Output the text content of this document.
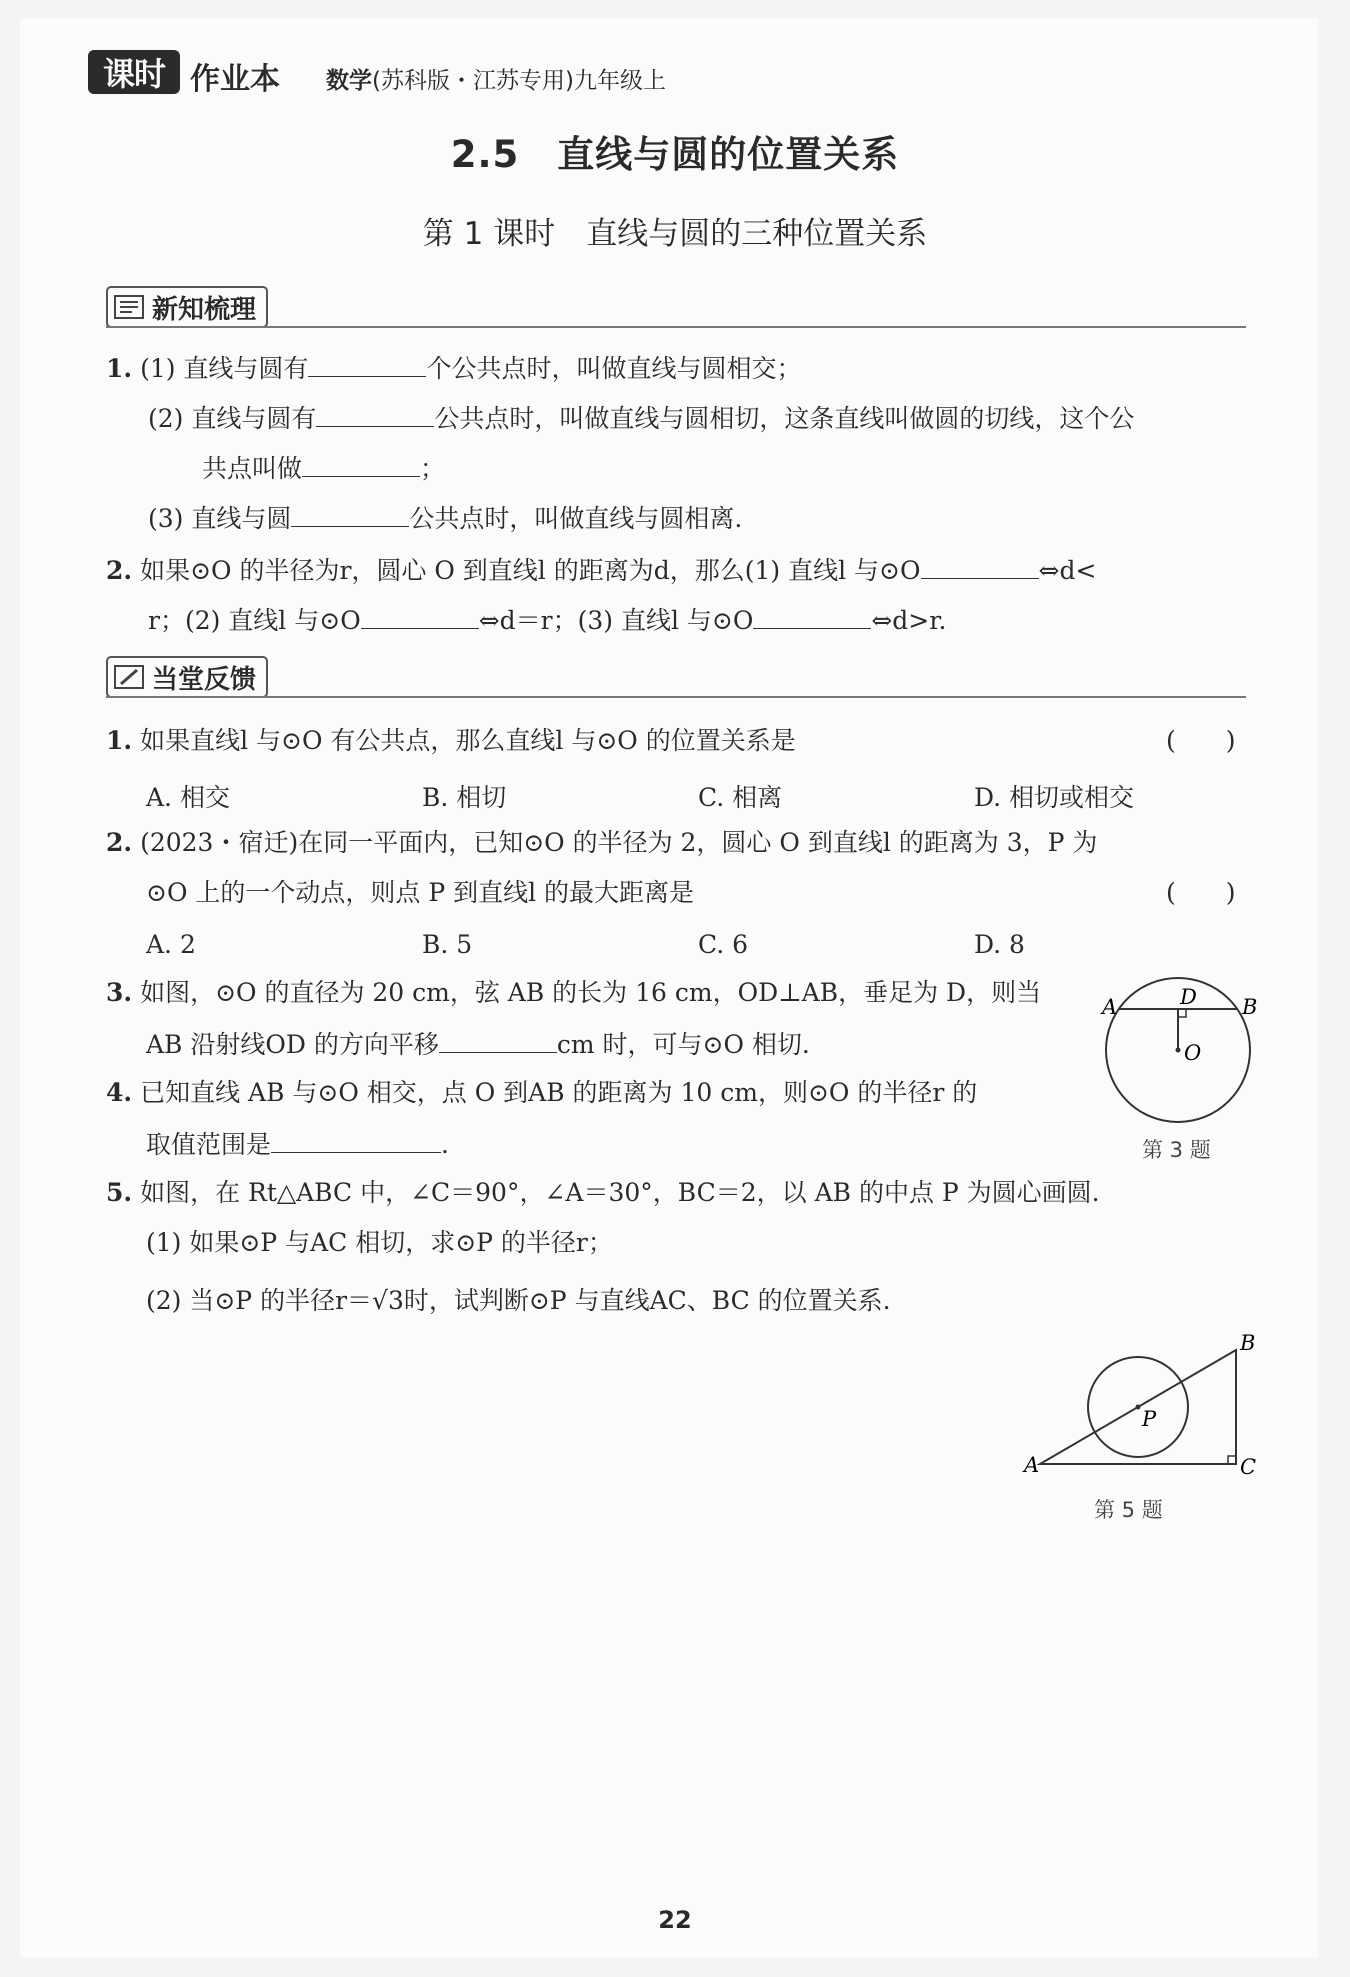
课时 作业本 数学(苏科版・江苏专用)九年级上
2.5　直线与圆的位置关系
第 1 课时　直线与圆的三种位置关系
新知梳理
1. (1) 直线与圆有	个公共点时，叫做直线与圆相交；
(2) 直线与圆有	公共点时，叫做直线与圆相切，这条直线叫做圆的切线，这个公
共点叫做	；
(3) 直线与圆	公共点时，叫做直线与圆相离.
2. 如果⊙O 的半径为r，圆心 O 到直线l 的距离为d，那么(1) 直线l 与⊙O	⇔d<
r；(2) 直线l 与⊙O	⇔d＝r；(3) 直线l 与⊙O	⇔d>r.
当堂反馈
1. 如果直线l 与⊙O 有公共点，那么直线l 与⊙O 的位置关系是	(　　)
A. 相交	B. 相切	C. 相离	D. 相切或相交
2. (2023・宿迁)在同一平面内，已知⊙O 的半径为 2，圆心 O 到直线l 的距离为 3，P 为
⊙O 上的一个动点，则点 P 到直线l 的最大距离是	(　　)
A. 2	B. 5	C. 6	D. 8
3. 如图，⊙O 的直径为 20 cm，弦 AB 的长为 16 cm，OD⊥AB，垂足为 D，则当
AB 沿射线OD 的方向平移	cm 时，可与⊙O 相切.
4. 已知直线 AB 与⊙O 相交，点 O 到AB 的距离为 10 cm，则⊙O 的半径r 的
取值范围是	.
A	D B
O
第 3 题
5. 如图，在 Rt△ABC 中，∠C＝90°，∠A＝30°，BC＝2，以 AB 的中点 P 为圆心画圆.
(1) 如果⊙P 与AC 相切，求⊙P 的半径r；
(2) 当⊙P 的半径r＝√3时，试判断⊙P 与直线AC、BC 的位置关系.
A
B
C
P
第 5 题
22
